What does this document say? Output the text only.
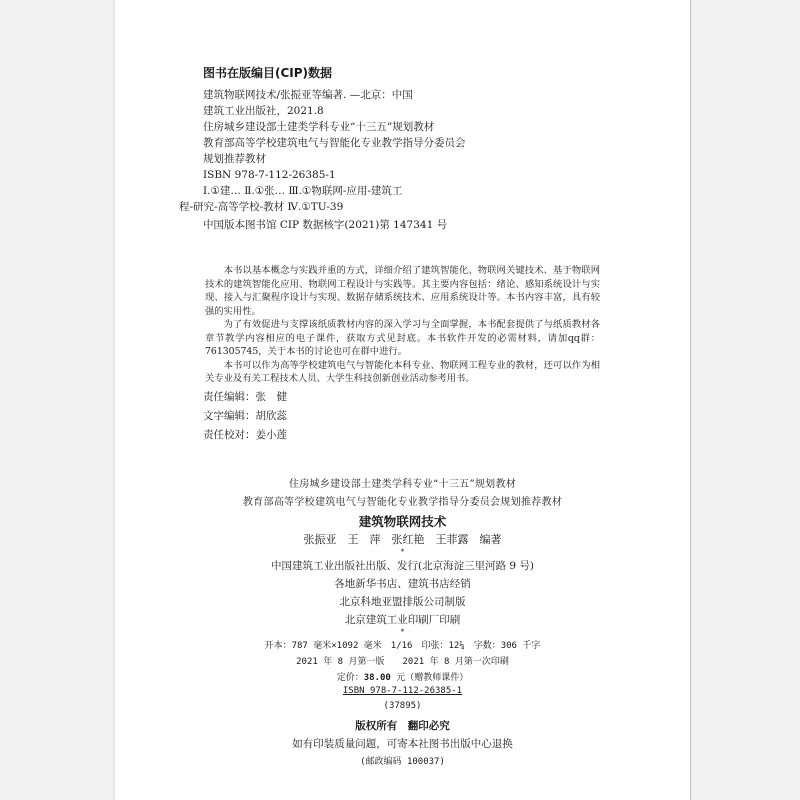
图书在版编目(CIP)数据
建筑物联网技术/张振亚等编著. —北京：中国
建筑工业出版社，2021.8
住房城乡建设部土建类学科专业“十三五”规划教材
教育部高等学校建筑电气与智能化专业教学指导分委员会
规划推荐教材
ISBN 978-7-112-26385-1
Ⅰ.①建… Ⅱ.①张… Ⅲ.①物联网-应用-建筑工
程-研究-高等学校-教材 Ⅳ.①TU-39
中国版本图书馆 CIP 数据核字(2021)第 147341 号

本书以基本概念与实践并重的方式，详细介绍了建筑智能化、物联网关键技术、基于物联网技术的建筑智能化应用、物联网工程设计与实践等。其主要内容包括：绪论、感知系统设计与实现、接入与汇聚程序设计与实现、数据存储系统技术、应用系统设计等。本书内容丰富，具有较强的实用性。

为了有效促进与支撑该纸质教材内容的深入学习与全面掌握，本书配套提供了与纸质教材各章节教学内容相应的电子课件，获取方式见封底。本书软件开发的必需材料，请加qq群：761305745，关于本书的讨论也可在群中进行。

本书可以作为高等学校建筑电气与智能化本科专业、物联网工程专业的教材，还可以作为相关专业及有关工程技术人员、大学生科技创新创业活动参考用书。

责任编辑：张　健
文字编辑：胡欣蕊
责任校对：姜小莲
住房城乡建设部土建类学科专业“十三五”规划教材
教育部高等学校建筑电气与智能化专业教学指导分委员会规划推荐教材
建筑物联网技术
张振亚　王　萍　张红艳　王菲露　编著
*
中国建筑工业出版社出版、发行(北京海淀三里河路 9 号)
各地新华书店、建筑书店经销
北京科地亚盟排版公司制版
北京建筑工业印刷厂印刷
*
开本：787 毫米×1092 毫米　1/16　印张：12¼　字数：306 千字
2021 年 8 月第一版　　2021 年 8 月第一次印刷
定价：38.00 元（赠教师课件）
ISBN 978-7-112-26385-1
(37895)
版权所有　翻印必究
如有印装质量问题，可寄本社图书出版中心退换
(邮政编码 100037)
